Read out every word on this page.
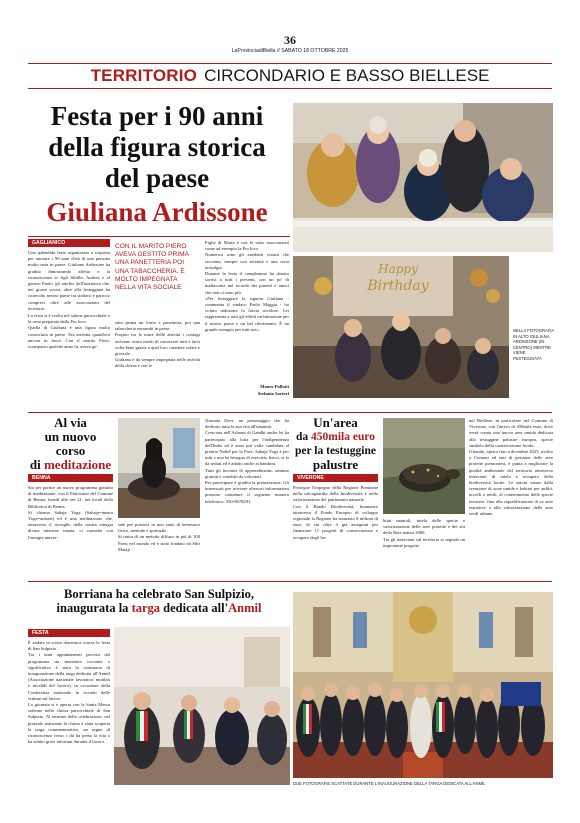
36
LaProvinciadiBiella // SABATO 18 OTTOBRE 2025
TERRITORIO CIRCONDARIO E BASSO BIELLESE
Festa per i 90 anni
della figura storica
del paese
Giuliana Ardissone
GAGLIANICO

Una splendida festa organizzata a sorpresa per onorare i 90 anni d'età di una persona molto nota in paese. Giuliana Ardissone ha gradito dimostrando affetto e la riconoscenza ai figli Sibilla, Andrea e al genero Paolo, gli artefici dell'iniziativa che, nei giorni scorsi, oltre alla festeggiata ha coinvolto mezzo paese tra sindaco e parroco compresi oltre alle associazioni del territorio.

La festa si è svolta nel salone parrocchiale e la cena preparata dalla Pro loco.

Quella di Giuliana è una figura molto conosciuta in paese. Era arrivata quand'era ancora in fasce. Con il marito Piero, scomparso qualche anno fa, aveva ge-

CON IL MARITO PIERO AVEVA GESTITO PRIMA UNA PANETTERIA POI UNA TABACCHERIA. È MOLTO IMPEGNATA NELLA VITA SOCIALE
stito prima un forno e panetteria, poi una tabaccheria entrambi in paese.
Proprio tra le mure delle attività i coniugi avevano avuto modo di conoscere tutti e farsi voler bene grazie a quel loro carattere solare e gioviale.
Giuliana è da sempre impegnata nelle attività della chiesa e con le
Figlie di Maria e con le varie associazioni come ad esempio la Pro loco.
Numerosi sono gli aneddoti vissuti che racconta, sempre con serenità e una certa nostalgia.
Durante la festa il compleanno ha donato sorrisi a tutti i presenti, con un po' di malinconia nel ricordo dei parenti e amici che non ci sono più.
«Per festeggiare la signora Giuliana - commenta il sindaco Paolo Maggia - ho voluto indossare la fascia tricolore. Lei rappresenta a tutti gli effetti un'istituzione per il nostro paese e un bel riferimento. È un grande esempio per tutti noi».
Mauro Pollotti
Stefania Sartori
Happy
Birthday
NELLA FOTOGRAFIA IN ALTO GIULIANA ARDISSONE (IN CENTRO) MENTRE VIENE FESTEGGIATA
Al via
un nuovo
corso
di meditazione
BENNA
Sta per partire un nuovo programma gratuito di meditazione, con il Patrocinio del Comune di Benna, lunedì alle ore 21, nei locali della Biblioteca di Benna.
Si chiama Sahaja Yoga (Sahaja=innato Yoga=unione) ed è una meditazione che, attraverso il risveglio della nostra energia divina interiore innata, ci connette con l'energia univer-
sale per portarci in uno stato di benessere fisico, mentale e spirituale.
Si tratta di un metodo diffuso in più di 100 Paesi nel mondo ed è stato fondato da Shri Mataji
Nirmala Devi, un personaggio che ha dedicato tutta la sua vita all'umanità.
Cresciuta nell'Ashram di Gandhi anche lei ha partecipato alla lotta per l'indipendenza dell'India ed è stata più volte candidata al premio Nobel per la Pace. Sahaja Yoga è per tutti e non ha bisogno di esercizio fisico, si fa da seduti ed è adatto anche ai bambini.
Tutti gli incontri di apprendimento saranno gratuiti e condotti da volontari.
Per partecipare è gradita la prenotazione. Gli interessati per ricevere ulteriori informazioni possono contattare il seguente numero telefonico: 330-8678291.
Un'area
da 450mila euro
per la testuggine
palustre
VIVERONE
Prosegue l'impegno della Regione Piemonte nella salvaguardia della biodiversità e nella valorizzazione del patrimonio naturale.
Con il Bando Biodiversità, finanziato attraverso il Fondo Europeo di sviluppo regionale la Regione ha stanziato 8 milioni di euro, di cui oltre 4 già assegnati per finanziare 11 progetti di conservazione e recupero degli ha-
bitat naturali, tutela delle specie e valorizzazione delle aree protette e dei siti della Rete natura 2000.
Tra gli interventi sul territorio si segnala un importante progetto
nel Biellese: in particolare nel Comune di Viverone, con l'arrivo di 450mila euro, dove verrà creata una nuova area umida dedicata alla testuggine palustre europea, specie simbolo della conservazione locale.
Il bando, aperto fino a dicembre 2025, rivolto a Comuni ed enti di gestione delle aree protette piemontesi, è punta a migliorare la qualità ambientale del territorio attraverso interventi di tutela e recupero della biodiversità locale. Le azioni vanno dalla creazione di zone umide e habitat per anfibi, uccelli e rettili, al contenimento delle specie invasive, fino alla riqualificazione di ex aree estrattive e alla valorizzazione delle aree verdi urbane.
Borriana ha celebrato San Sulpizio,
inaugurata la targa dedicata all'Anmil
FESTA
È andata in scena domenica scorsa la festa di San Sulpizio.
Tra i tanti appuntamenti previsti dal programma un momento toccante e significativo è stata la cerimonia di inaugurazione della targa dedicata all'Anmil (Associazione nazionale lavoratori mutilati e invalidi del lavoro), in occasione della Conferenza nazionale in ricordo delle vittime sul lavoro.
La giornata si è aperta con la Santa Messa solenne nella chiesa parrocchiale di San Sulpizio. Al termine della celebrazione, nel piazzale antistante la chiesa è stata scoperta la targa commemorativa, un segno di riconoscenza verso i chi ha perso la vita o ha subito gravi infortuni durante il lavoro.
DUE FOTOGRAFIE SCATTATE DURANTE L'INAUGURAZIONE DELLA TARGA DEDICATA ALL'ANMIL
